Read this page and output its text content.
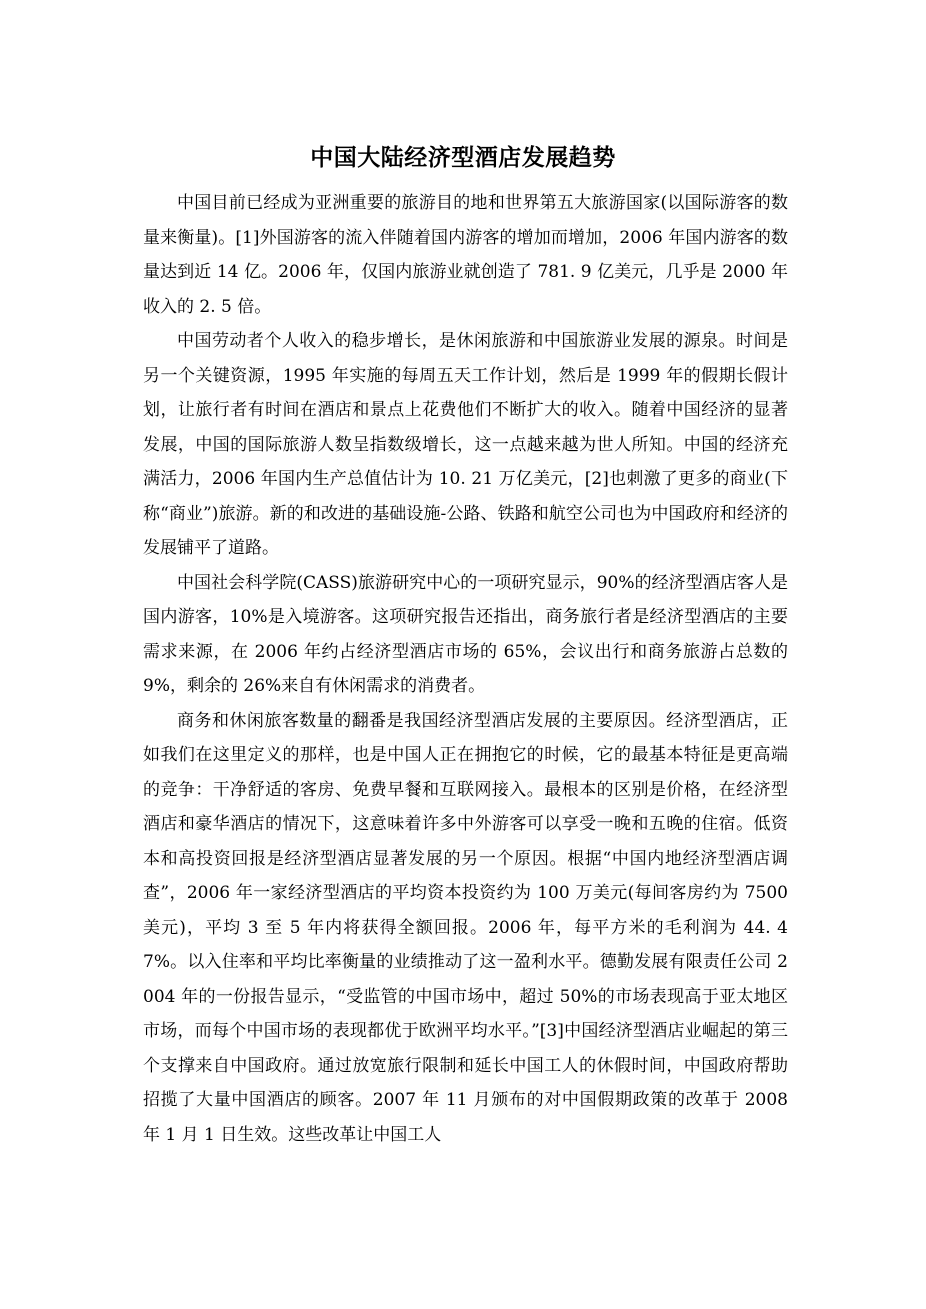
中国大陆经济型酒店发展趋势

中国目前已经成为亚洲重要的旅游目的地和世界第五大旅游国家(以国际游客的数量来衡量)。[1]外国游客的流入伴随着国内游客的增加而增加，2006 年国内游客的数量达到近 14 亿。2006 年，仅国内旅游业就创造了 781. 9 亿美元，几乎是 2000 年收入的 2. 5 倍。

中国劳动者个人收入的稳步增长，是休闲旅游和中国旅游业发展的源泉。时间是另一个关键资源，1995 年实施的每周五天工作计划，然后是 1999 年的假期长假计划，让旅行者有时间在酒店和景点上花费他们不断扩大的收入。随着中国经济的显著发展，中国的国际旅游人数呈指数级增长，这一点越来越为世人所知。中国的经济充满活力，2006 年国内生产总值估计为 10. 21 万亿美元，[2]也刺激了更多的商业(下称“商业”)旅游。新的和改进的基础设施-公路、铁路和航空公司也为中国政府和经济的发展铺平了道路。

中国社会科学院(CASS)旅游研究中心的一项研究显示，90%的经济型酒店客人是国内游客，10%是入境游客。这项研究报告还指出，商务旅行者是经济型酒店的主要需求来源，在 2006 年约占经济型酒店市场的 65%，会议出行和商务旅游占总数的 9%，剩余的 26%来自有休闲需求的消费者。

商务和休闲旅客数量的翻番是我国经济型酒店发展的主要原因。经济型酒店，正如我们在这里定义的那样，也是中国人正在拥抱它的时候，它的最基本特征是更高端的竞争：干净舒适的客房、免费早餐和互联网接入。最根本的区别是价格，在经济型酒店和豪华酒店的情况下，这意味着许多中外游客可以享受一晚和五晚的住宿。低资本和高投资回报是经济型酒店显著发展的另一个原因。根据“中国内地经济型酒店调查”，2006 年一家经济型酒店的平均资本投资约为 100 万美元(每间客房约为 7500 美元)，平均 3 至 5 年内将获得全额回报。2006 年，每平方米的毛利润为 44. 47%。以入住率和平均比率衡量的业绩推动了这一盈利水平。德勤发展有限责任公司 2004 年的一份报告显示，“受监管的中国市场中，超过 50%的市场表现高于亚太地区市场，而每个中国市场的表现都优于欧洲平均水平。”[3]中国经济型酒店业崛起的第三个支撑来自中国政府。通过放宽旅行限制和延长中国工人的休假时间，中国政府帮助招揽了大量中国酒店的顾客。2007 年 11 月颁布的对中国假期政策的改革于 2008 年 1 月 1 日生效。这些改革让中国工人
